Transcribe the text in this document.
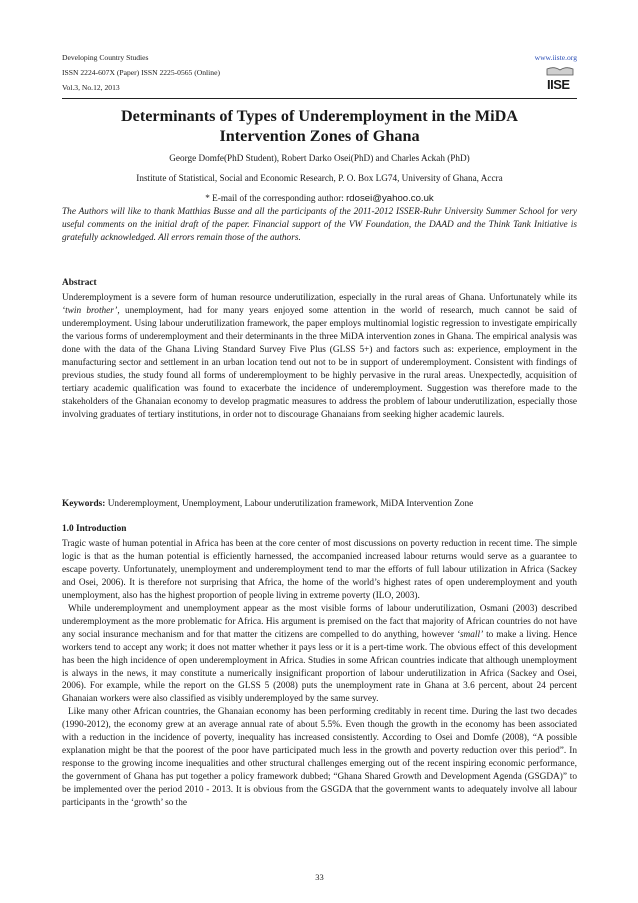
Developing Country Studies
ISSN 2224-607X (Paper) ISSN 2225-0565 (Online)
Vol.3, No.12, 2013
www.iiste.org
IISE
Determinants of Types of Underemployment in the MiDA
Intervention Zones of Ghana
George Domfe(PhD Student), Robert Darko Osei(PhD) and Charles Ackah (PhD)
Institute of Statistical, Social and Economic Research, P. O. Box LG74, University of Ghana, Accra
* E-mail of the corresponding author: rdosei@yahoo.co.uk

The Authors will like to thank Matthias Busse and all the participants of the 2011-2012 ISSER-Ruhr University Summer School for very useful comments on the initial draft of the paper. Financial support of the VW Foundation, the DAAD and the Think Tank Initiative is gratefully acknowledged. All errors remain those of the authors.

Abstract

Underemployment is a severe form of human resource underutilization, especially in the rural areas of Ghana. Unfortunately while its ‘twin brother’, unemployment, had for many years enjoyed some attention in the world of research, much cannot be said of underemployment. Using labour underutilization framework, the paper employs multinomial logistic regression to investigate empirically the various forms of underemployment and their determinants in the three MiDA intervention zones in Ghana. The empirical analysis was done with the data of the Ghana Living Standard Survey Five Plus (GLSS 5+) and factors such as: experience, employment in the manufacturing sector and settlement in an urban location tend out not to be in support of underemployment. Consistent with findings of previous studies, the study found all forms of underemployment to be highly pervasive in the rural areas. Unexpectedly, acquisition of tertiary academic qualification was found to exacerbate the incidence of underemployment. Suggestion was therefore made to the stakeholders of the Ghanaian economy to develop pragmatic measures to address the problem of labour underutilization, especially those involving graduates of tertiary institutions, in order not to discourage Ghanaians from seeking higher academic laurels.

Keywords: Underemployment, Unemployment, Labour underutilization framework, MiDA Intervention Zone
1.0 Introduction

Tragic waste of human potential in Africa has been at the core center of most discussions on poverty reduction in recent time. The simple logic is that as the human potential is efficiently harnessed, the accompanied increased labour returns would serve as a guarantee to escape poverty. Unfortunately, unemployment and underemployment tend to mar the efforts of full labour utilization in Africa (Sackey and Osei, 2006). It is therefore not surprising that Africa, the home of the world’s highest rates of open underemployment and youth unemployment, also has the highest proportion of people living in extreme poverty (ILO, 2003).

While underemployment and unemployment appear as the most visible forms of labour underutilization, Osmani (2003) described underemployment as the more problematic for Africa. His argument is premised on the fact that majority of African countries do not have any social insurance mechanism and for that matter the citizens are compelled to do anything, however ‘small’ to make a living. Hence workers tend to accept any work; it does not matter whether it pays less or it is a pert-time work. The obvious effect of this development has been the high incidence of open underemployment in Africa. Studies in some African countries indicate that although unemployment is always in the news, it may constitute a numerically insignificant proportion of labour underutilization in Africa (Sackey and Osei, 2006). For example, while the report on the GLSS 5 (2008) puts the unemployment rate in Ghana at 3.6 percent, about 24 percent Ghanaian workers were also classified as visibly underemployed by the same survey.

Like many other African countries, the Ghanaian economy has been performing creditably in recent time. During the last two decades (1990-2012), the economy grew at an average annual rate of about 5.5%. Even though the growth in the economy has been associated with a reduction in the incidence of poverty, inequality has increased consistently. According to Osei and Domfe (2008), “A possible explanation might be that the poorest of the poor have participated much less in the growth and poverty reduction over this period”. In response to the growing income inequalities and other structural challenges emerging out of the recent inspiring economic performance, the government of Ghana has put together a policy framework dubbed; “Ghana Shared Growth and Development Agenda (GSGDA)” to be implemented over the period 2010 - 2013. It is obvious from the GSGDA that the government wants to adequately involve all labour participants in the ‘growth’ so the

33
